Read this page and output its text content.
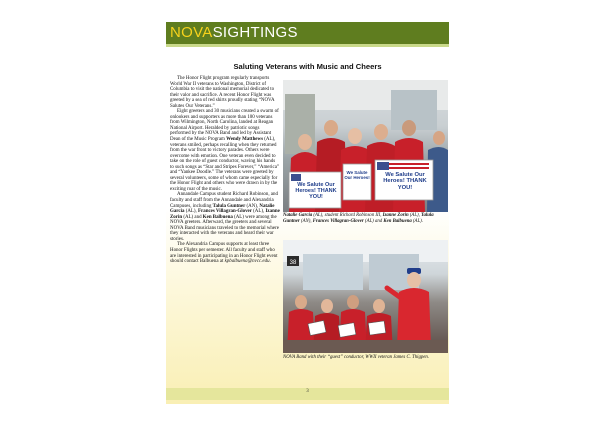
NOVASIGHTINGS
Saluting Veterans with Music and Cheers

The Honor Flight program regularly transports World War II veterans to Washington, District of Columbia to visit the national memorial dedicated to their valor and sacrifice. A recent Honor Flight was greeted by a sea of red shirts proudly stating “NOVA Salutes Our Veterans.”

Eight greeters and 30 musicians created a swarm of onlookers and supporters as more than 100 veterans from Wilmington, North Carolina, landed at Reagan National Airport. Heralded by patriotic songs performed by the NOVA Band and led by Assistant Dean of the Music Program Wendy Matthews (AL), veterans smiled, perhaps recalling when they returned from the war front to victory parades. Others were overcome with emotion. One veteran even decided to take on the role of guest conductor, waving his hands to such songs as “Star and Stripes Forever,” “America” and “Yankee Doodle.” The veterans were greeted by several volunteers, some of whom came especially for the Honor Flight and others who were drawn in by the exciting roar of the music.

Annandale Campus student Richard Robinson, and faculty and staff from the Annandale and Alexandria Campuses, including Talula Guntner (AN), Natalie Garcia (AL), Frances Villagran-Glover (AL), Izanne Zorin (AL) and Ken Balbuena (AL) were among the NOVA greeters. Afterward, the greeters and several NOVA Band musicians traveled to the memorial where they interacted with the veterans and heard their war stories.

The Alexandria Campus supports at least three Honor Flights per semester. All faculty and staff who are interested in participating in an Honor Flight event should contact Balbuena at kpbalbuena@nvcc.edu.

We Salute Our Heroes! THANK YOU!
We Salute Our Heroes!	We Salute Our Heroes! THANK YOU!
Natalie Garcia (AL), student Richard Robinson III, Izanne Zorin (AL), Talula Guntner (AN), Frances Villagran-Glover (AL) and Ken Balbuena (AL).
38
NOVA Band with their “guest” conductor, WWII veteran James C. Thigpen.
3
